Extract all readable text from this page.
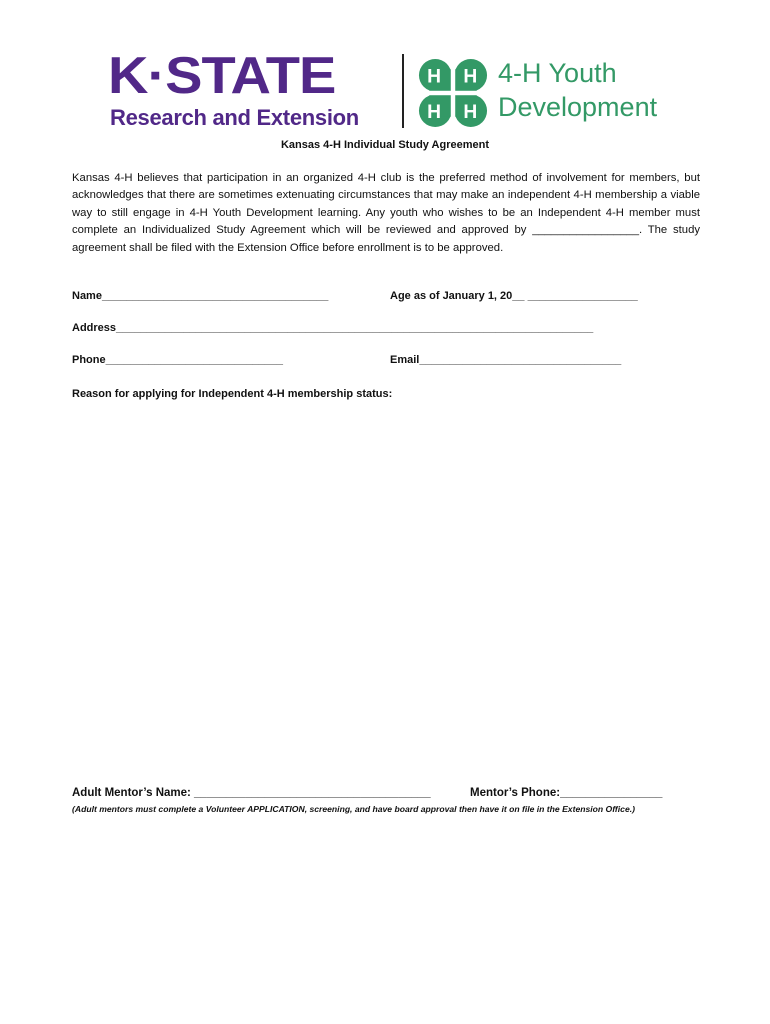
K·STATE
Research and Extension
H H
H H
4-H Youth
Development
Kansas 4-H Individual Study Agreement

Kansas 4-H believes that participation in an organized 4-H club is the preferred method of involvement for members, but acknowledges that there are sometimes extenuating circumstances that may make an independent 4-H membership a viable way to still engage in 4-H Youth Development learning. Any youth who wishes to be an Independent 4-H member must complete an Individualized Study Agreement which will be reviewed and approved by _________________. The study agreement shall be filed with the Extension Office before enrollment is to be approved.

Name_____________________________________	Age as of January 1, 20__ __________________
Address______________________________________________________________________________
Phone_____________________________	Email_________________________________
Reason for applying for Independent 4-H membership status:
Adult Mentor’s Name: _____________________________________	Mentor’s Phone:________________

(Adult mentors must complete a Volunteer APPLICATION, screening, and have board approval then have it on file in the Extension Office.)
